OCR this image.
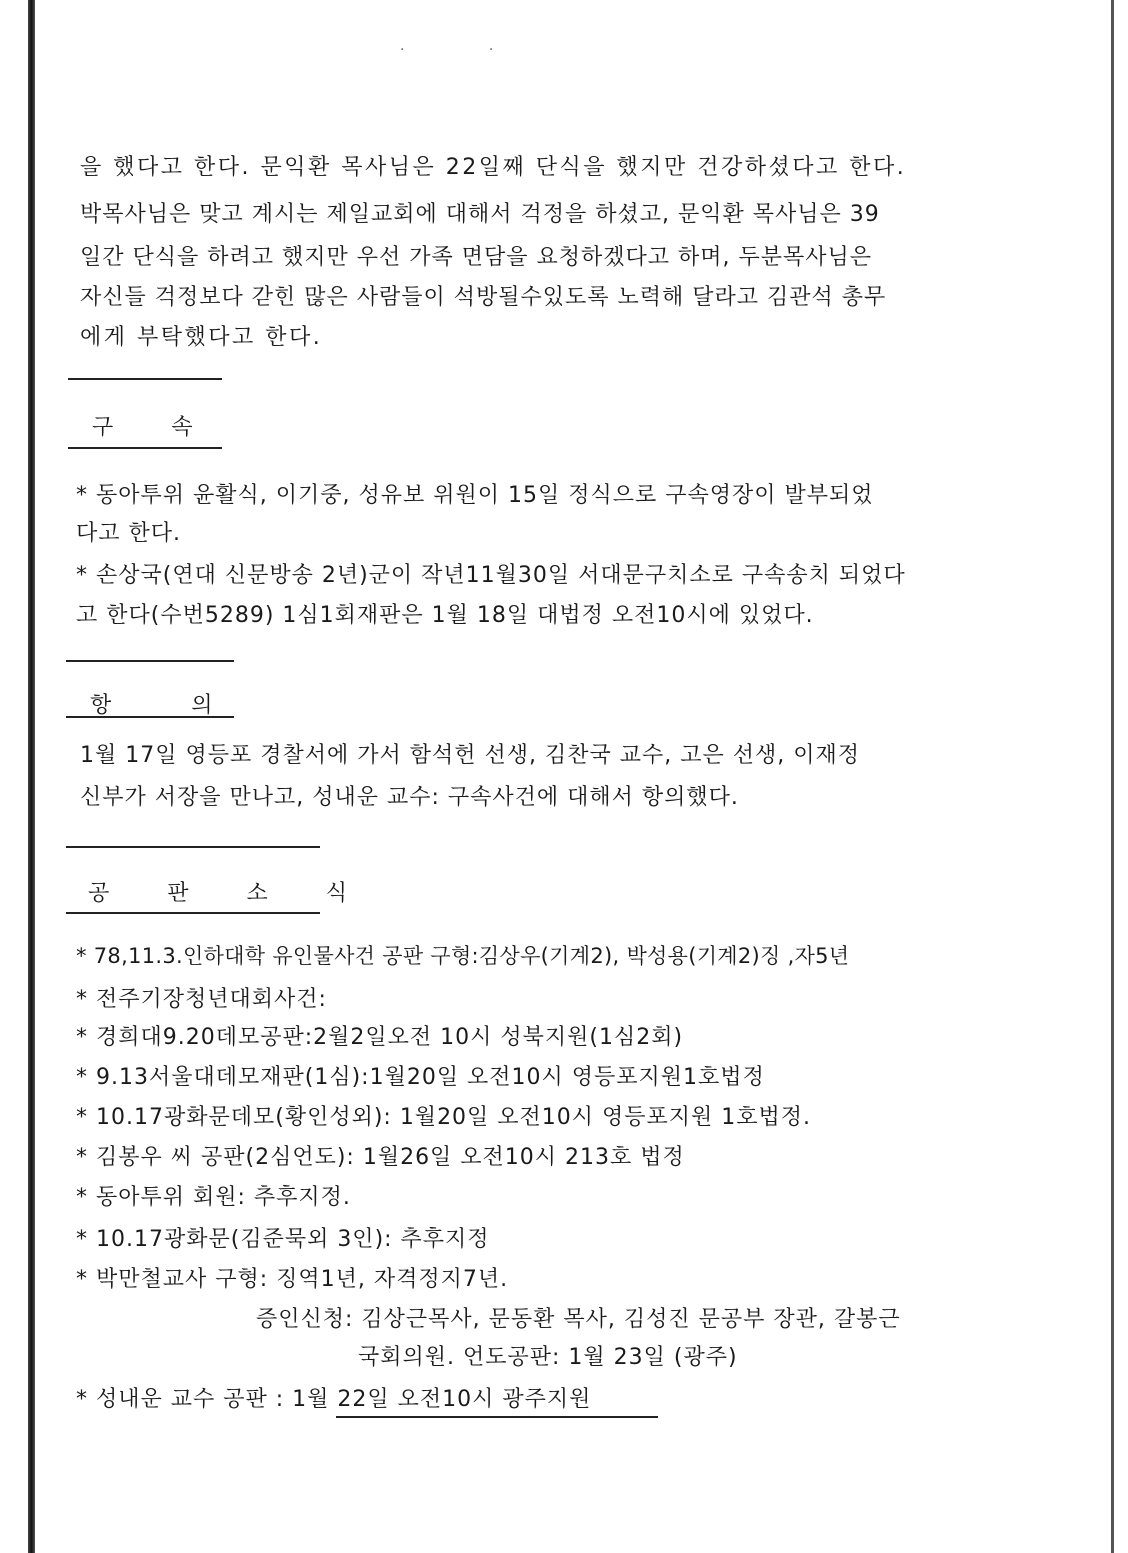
· ·
을 했다고 한다. 문익환 목사님은 22일째 단식을 했지만 건강하셨다고 한다.
박목사님은 맞고 계시는 제일교회에 대해서 걱정을 하셨고, 문익환 목사님은 39
일간 단식을 하려고 했지만 우선 가족 면담을 요청하겠다고 하며, 두분목사님은
자신들 걱정보다 갇힌 많은 사람들이 석방될수있도록 노력해 달라고 김관석 총무
에게 부탁했다고 한다.
구속
* 동아투위 윤활식, 이기중, 성유보 위원이 15일 정식으로 구속영장이 발부되었
다고 한다.
* 손상국(연대 신문방송 2년)군이 작년11월30일 서대문구치소로 구속송치 되었다
고 한다(수번5289) 1심1회재판은 1월 18일 대법정 오전10시에 있었다.
항의
1월 17일 영등포 경찰서에 가서 함석헌 선생, 김찬국 교수, 고은 선생, 이재정
신부가 서장을 만나고, 성내운 교수: 구속사건에 대해서 항의했다.
공판소식
* 78,11.3.인하대학 유인물사건 공판 구형:김상우(기계2), 박성용(기계2)징 ,자5년
* 전주기장청년대회사건:
* 경희대9.20데모공판:2월2일오전 10시 성북지원(1심2회)
* 9.13서울대데모재판(1심):1월20일 오전10시 영등포지원1호법정
* 10.17광화문데모(황인성외): 1월20일 오전10시 영등포지원 1호법정.
* 김봉우 씨 공판(2심언도): 1월26일 오전10시 213호 법정
* 동아투위 회원: 추후지정.
* 10.17광화문(김준묵외 3인): 추후지정
* 박만철교사 구형: 징역1년, 자격정지7년.
증인신청: 김상근목사, 문동환 목사, 김성진 문공부 장관, 갈봉근
국회의원. 언도공판: 1월 23일 (광주)
* 성내운 교수 공판 : 1월 22일 오전10시 광주지원
